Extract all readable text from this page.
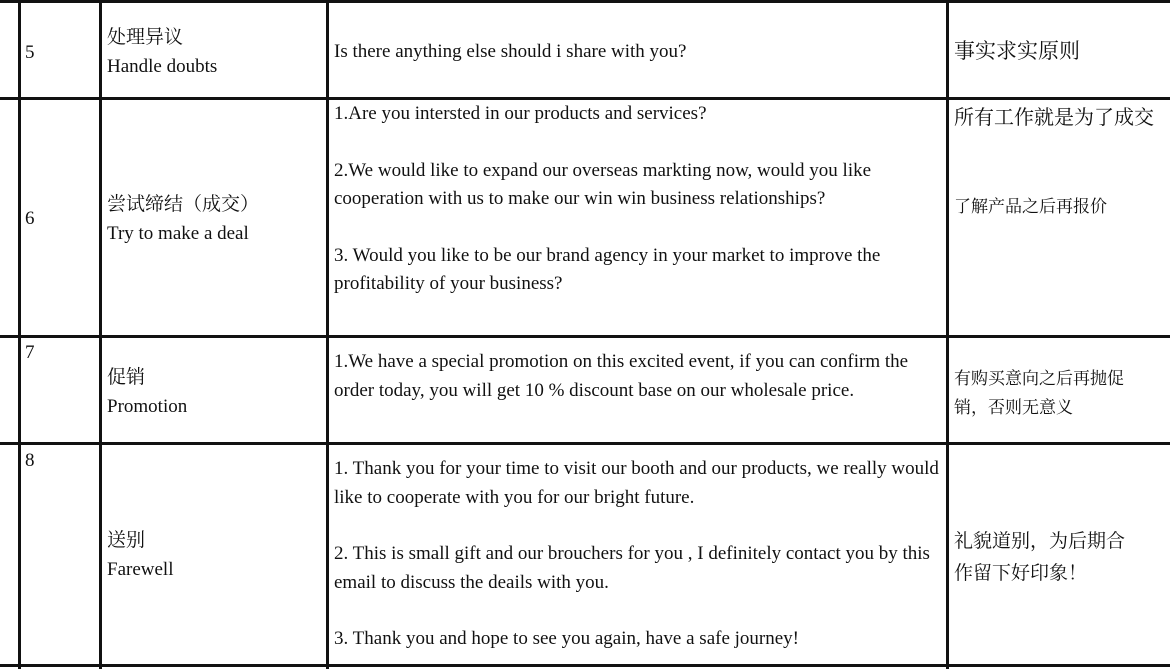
5
处理异议
Handle doubts

Is there anything else should i share with you?	事实求实原则
6
尝试缔结（成交）
Try to make a deal

1.Are you intersted in our products and services?

2.We would like to expand our overseas markting now, would you like cooperation with us to make our win win business relationships?

3. Would you like to be our brand agency in your market to improve the profitability of your business?

所有工作就是为了成交
了解产品之后再报价
7
促销
Promotion

1.We have a special promotion on this excited event, if you can confirm the order today, you will get 10 % discount base on our wholesale price.

有购买意向之后再抛促
销，否则无意义
8
送别
Farewell

1. Thank you for your time to visit our booth and our products, we really would like to cooperate with you for our bright future.

2. This is small gift and our brouchers for you , I definitely contact you by this email to discuss the deails with you.

3. Thank you and hope to see you again, have a safe journey!

礼貌道别，为后期合
作留下好印象！
